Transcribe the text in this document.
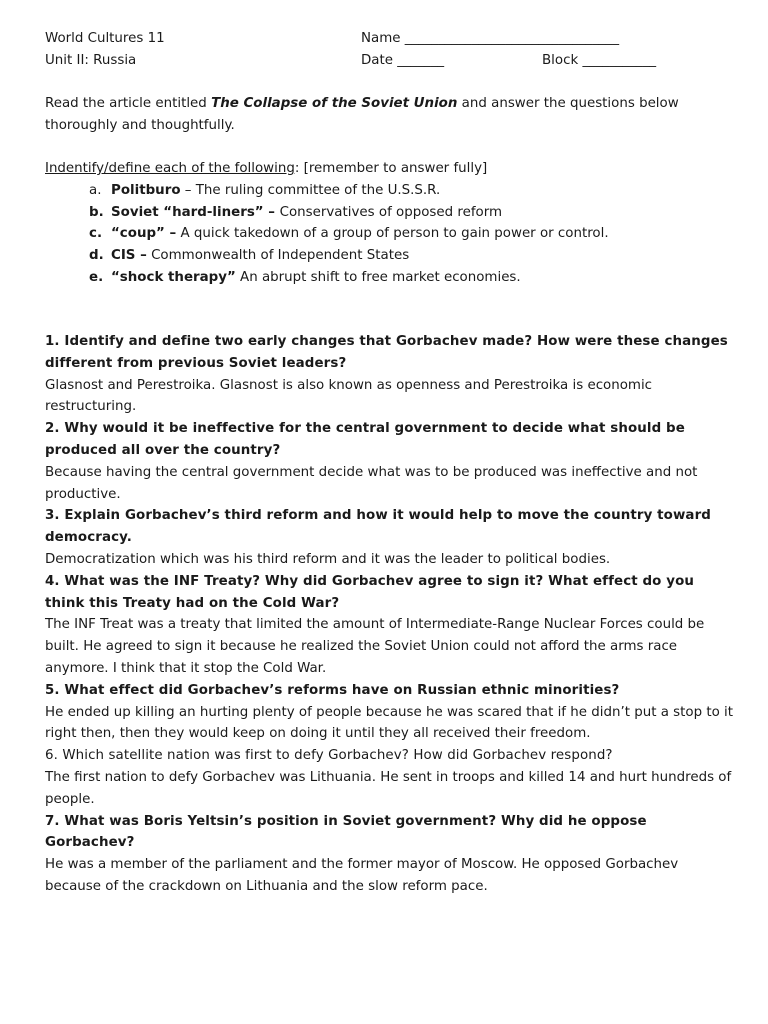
World Cultures 11	Name ________________________________
Unit II: Russia	Date _______	Block ___________
Read the article entitled The Collapse of the Soviet Union and answer the questions below thoroughly and thoughtfully.
Indentify/define each of the following: [remember to answer fully]
a. Politburo – The ruling committee of the U.S.S.R.
b. Soviet “hard-liners” – Conservatives of opposed reform
c. “coup” – A quick takedown of a group of person to gain power or control.
d. CIS – Commonwealth of Independent States
e. “shock therapy” An abrupt shift to free market economies.
1. Identify and define two early changes that Gorbachev made? How were these changes different from previous Soviet leaders?
Glasnost and Perestroika. Glasnost is also known as openness and Perestroika is economic restructuring.
2. Why would it be ineffective for the central government to decide what should be produced all over the country?
Because having the central government decide what was to be produced was ineffective and not productive.
3. Explain Gorbachev’s third reform and how it would help to move the country toward democracy.
Democratization which was his third reform and it was the leader to political bodies.
4. What was the INF Treaty? Why did Gorbachev agree to sign it? What effect do you think this Treaty had on the Cold War?
The INF Treat was a treaty that limited the amount of Intermediate-Range Nuclear Forces could be built. He agreed to sign it because he realized the Soviet Union could not afford the arms race anymore. I think that it stop the Cold War.
5. What effect did Gorbachev’s reforms have on Russian ethnic minorities?
He ended up killing an hurting plenty of people because he was scared that if he didn’t put a stop to it right then, then they would keep on doing it until they all received their freedom.
6. Which satellite nation was first to defy Gorbachev? How did Gorbachev respond?
The first nation to defy Gorbachev was Lithuania. He sent in troops and killed 14 and hurt hundreds of people.
7. What was Boris Yeltsin’s position in Soviet government? Why did he oppose Gorbachev?
He was a member of the parliament and the former mayor of Moscow. He opposed Gorbachev because of the crackdown on Lithuania and the slow reform pace.
